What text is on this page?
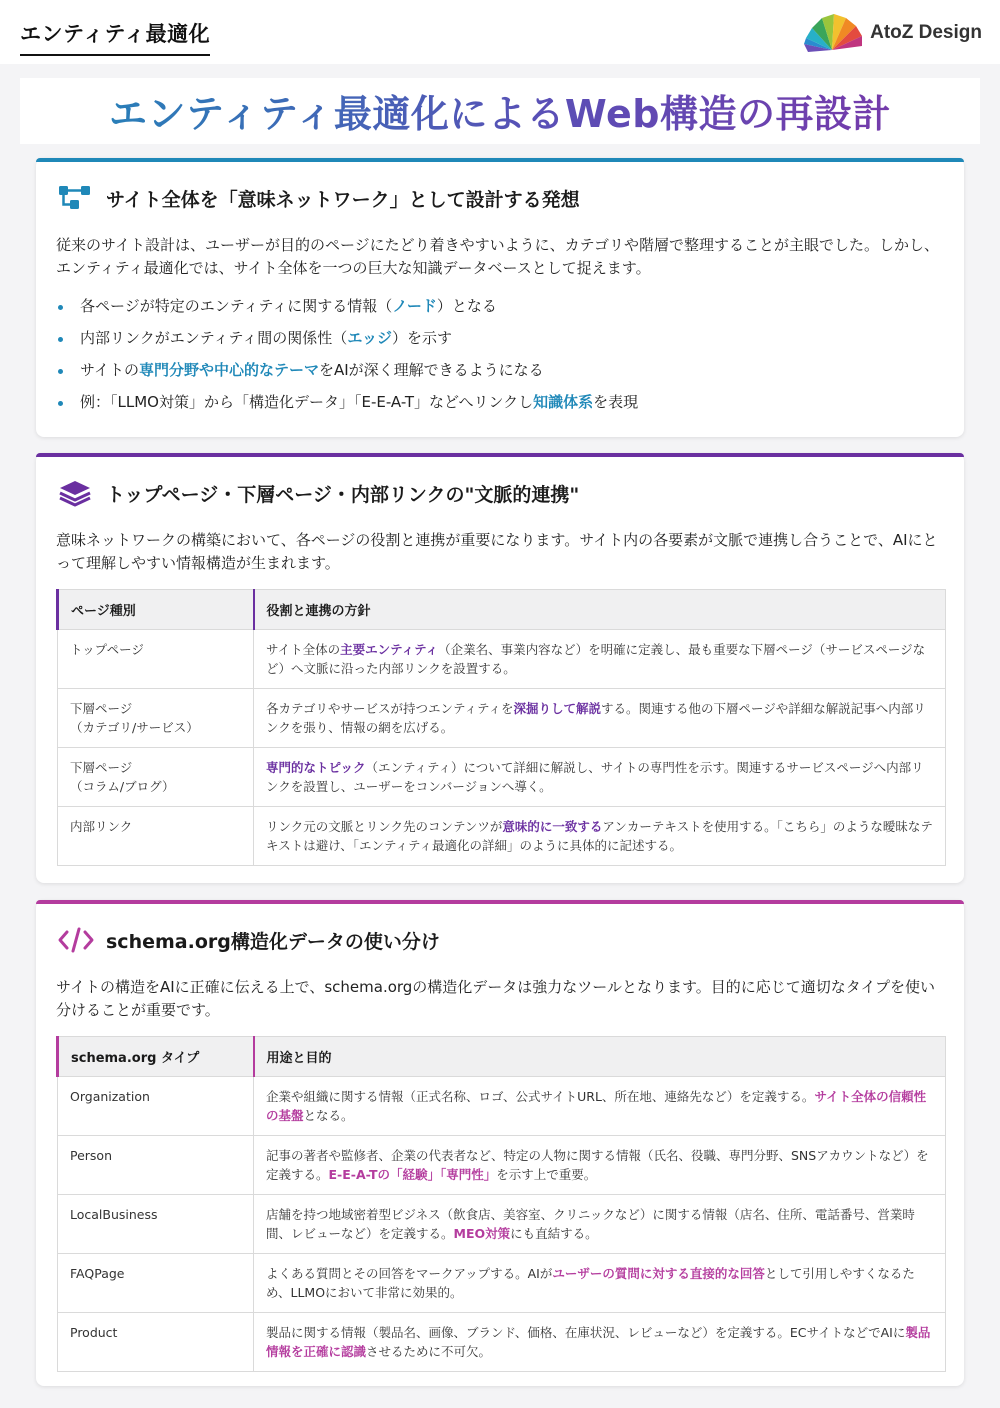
エンティティ最適化	AtoZ Design
エンティティ最適化によるWeb構造の再設計
サイト全体を「意味ネットワーク」として設計する発想

従来のサイト設計は、ユーザーが目的のページにたどり着きやすいように、カテゴリや階層で整理することが主眼でした。しかし、エンティティ最適化では、サイト全体を一つの巨大な知識データベースとして捉えます。

各ページが特定のエンティティに関する情報（ノード）となる
内部リンクがエンティティ間の関係性（エッジ）を示す
サイトの専門分野や中心的なテーマをAIが深く理解できるようになる
例：「LLMO対策」から「構造化データ」「E-E-A-T」などへリンクし知識体系を表現
トップページ・下層ページ・内部リンクの"文脈的連携"

意味ネットワークの構築において、各ページの役割と連携が重要になります。サイト内の各要素が文脈で連携し合うことで、AIにとって理解しやすい情報構造が生まれます。

ページ種別	役割と連携の方針

トップページ	サイト全体の主要エンティティ（企業名、事業内容など）を明確に定義し、最も重要な下層ページ（サービスページなど）へ文脈に沿った内部リンクを設置する。

下層ページ
（カテゴリ/サービス）	各カテゴリやサービスが持つエンティティを深掘りして解説する。関連する他の下層ページや詳細な解説記事へ内部リンクを張り、情報の網を広げる。

下層ページ
（コラム/ブログ）	専門的なトピック（エンティティ）について詳細に解説し、サイトの専門性を示す。関連するサービスページへ内部リンクを設置し、ユーザーをコンバージョンへ導く。

内部リンク	リンク元の文脈とリンク先のコンテンツが意味的に一致するアンカーテキストを使用する。「こちら」のような曖昧なテキストは避け、「エンティティ最適化の詳細」のように具体的に記述する。
schema.org構造化データの使い分け

サイトの構造をAIに正確に伝える上で、schema.orgの構造化データは強力なツールとなります。目的に応じて適切なタイプを使い分けることが重要です。

schema.org タイプ	用途と目的
Organization	企業や組織に関する情報（正式名称、ロゴ、公式サイトURL、所在地、連絡先など）を定義する。サイト全体の信頼性の基盤となる。
Person	記事の著者や監修者、企業の代表者など、特定の人物に関する情報（氏名、役職、専門分野、SNSアカウントなど）を定義する。E-E-A-Tの「経験」「専門性」を示す上で重要。
LocalBusiness	店舗を持つ地域密着型ビジネス（飲食店、美容室、クリニックなど）に関する情報（店名、住所、電話番号、営業時間、レビューなど）を定義する。MEO対策にも直結する。
FAQPage	よくある質問とその回答をマークアップする。AIがユーザーの質問に対する直接的な回答として引用しやすくなるため、LLMOにおいて非常に効果的。
Product	製品に関する情報（製品名、画像、ブランド、価格、在庫状況、レビューなど）を定義する。ECサイトなどでAIに製品情報を正確に認識させるために不可欠。
